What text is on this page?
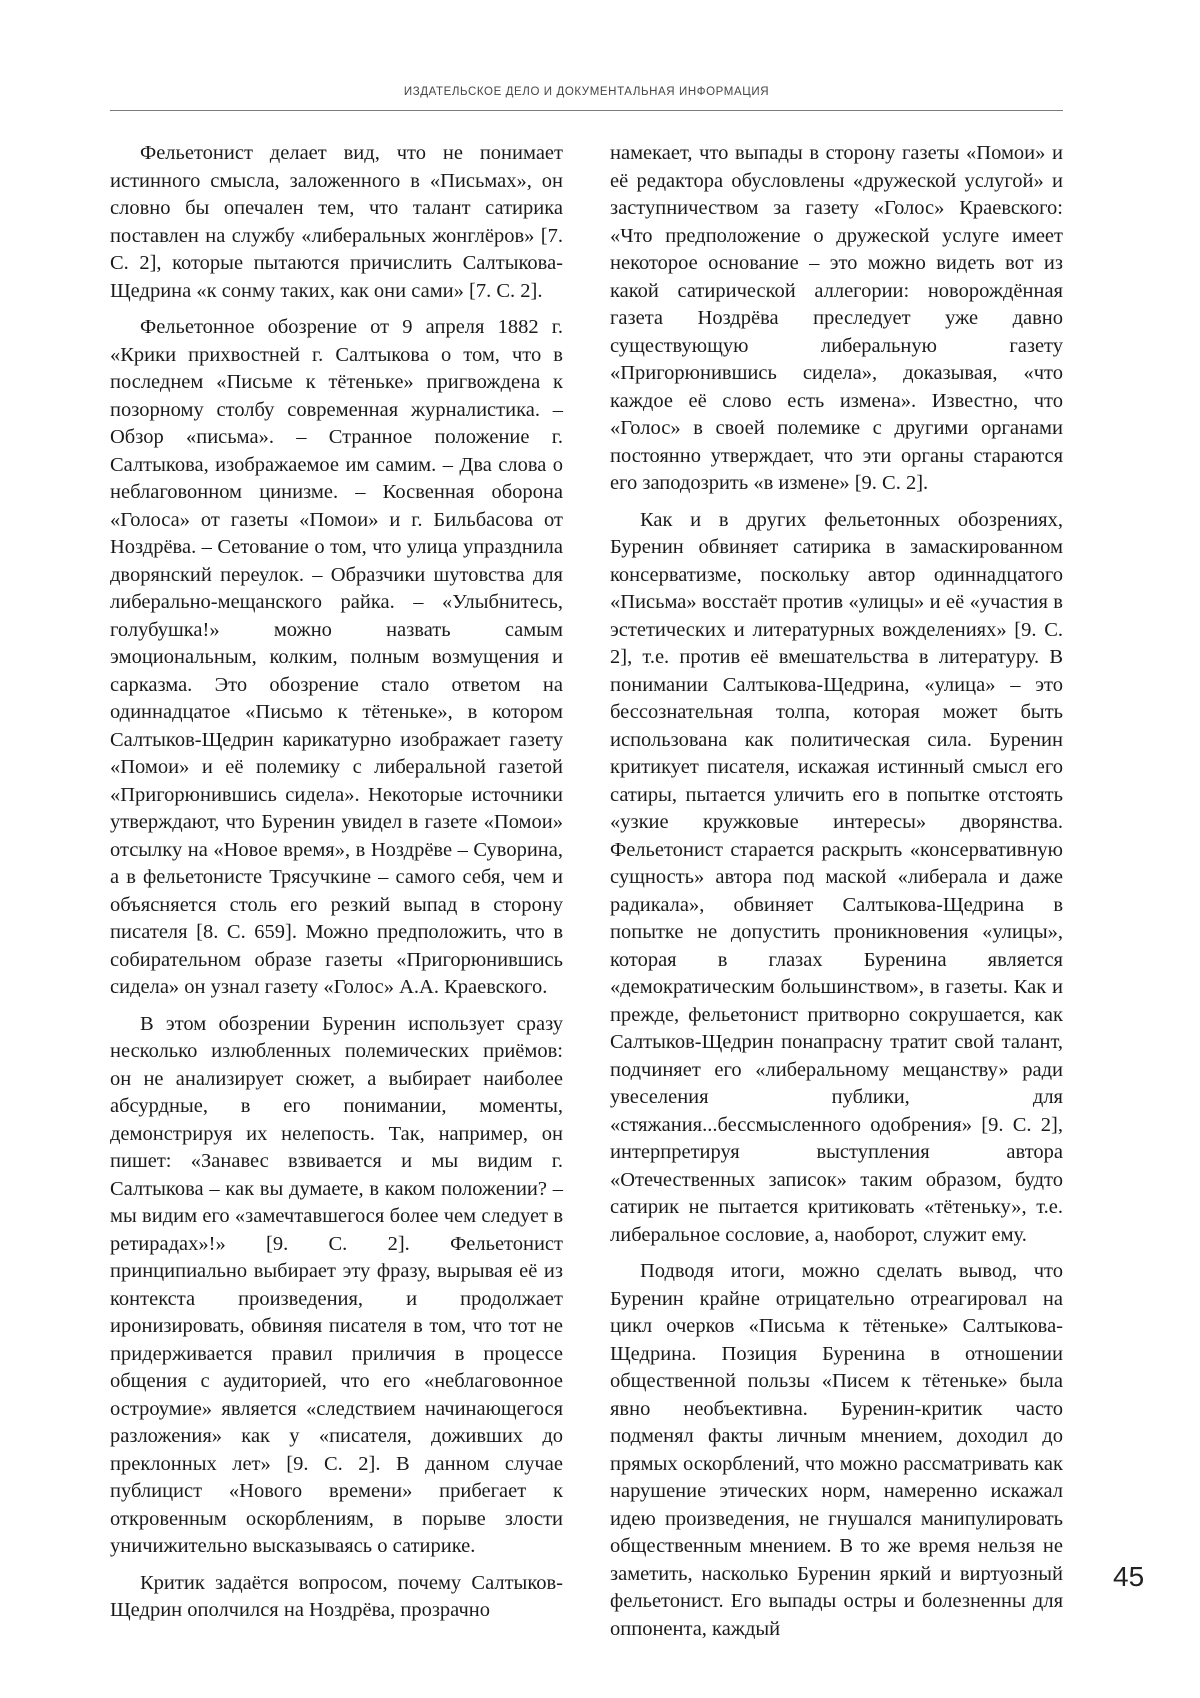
ИЗДАТЕЛЬСКОЕ ДЕЛО И ДОКУМЕНТАЛЬНАЯ ИНФОРМАЦИЯ

Фельетонист делает вид, что не понимает истинного смысла, заложенного в «Письмах», он словно бы опечален тем, что талант сатирика поставлен на службу «либеральных жонглёров» [7. С. 2], которые пытаются причислить Салтыкова-Щедрина «к сонму таких, как они сами» [7. С. 2].

Фельетонное обозрение от 9 апреля 1882 г. «Крики прихвостней г. Салтыкова о том, что в последнем «Письме к тётеньке» пригвождена к позорному столбу современная журналистика. – Обзор «письма». – Странное положение г. Салтыкова, изображаемое им самим. – Два слова о неблаговонном цинизме. – Косвенная оборона «Голоса» от газеты «Помои» и г. Бильбасова от Ноздрёва. – Сетование о том, что улица упразднила дворянский переулок. – Образчики шутовства для либерально-мещанского райка. – «Улыбнитесь, голубушка!» можно назвать самым эмоциональным, колким, полным возмущения и сарказма. Это обозрение стало ответом на одиннадцатое «Письмо к тётеньке», в котором Салтыков-Щедрин карикатурно изображает газету «Помои» и её полемику с либеральной газетой «Пригорюнившись сидела». Некоторые источники утверждают, что Буренин увидел в газете «Помои» отсылку на «Новое время», в Ноздрёве – Суворина, а в фельетонисте Трясучкине – самого себя, чем и объясняется столь его резкий выпад в сторону писателя [8. С. 659]. Можно предположить, что в собирательном образе газеты «Пригорюнившись сидела» он узнал газету «Голос» А.А. Краевского.

В этом обозрении Буренин использует сразу несколько излюбленных полемических приёмов: он не анализирует сюжет, а выбирает наиболее абсурдные, в его понимании, моменты, демонстрируя их нелепость. Так, например, он пишет: «Занавес взвивается и мы видим г. Салтыкова – как вы думаете, в каком положении? – мы видим его «замечтавшегося более чем следует в ретирадах»!» [9. С. 2]. Фельетонист принципиально выбирает эту фразу, вырывая её из контекста произведения, и продолжает иронизировать, обвиняя писателя в том, что тот не придерживается правил приличия в процессе общения с аудиторией, что его «неблаговонное остроумие» является «следствием начинающегося разложения» как у «писателя, доживших до преклонных лет» [9. С. 2]. В данном случае публицист «Нового времени» прибегает к откровенным оскорблениям, в порыве злости уничижительно высказываясь о сатирике.

Критик задаётся вопросом, почему Салтыков-Щедрин ополчился на Ноздрёва, прозрачно

намекает, что выпады в сторону газеты «Помои» и её редактора обусловлены «дружеской услугой» и заступничеством за газету «Голос» Краевского: «Что предположение о дружеской услуге имеет некоторое основание – это можно видеть вот из какой сатирической аллегории: новорождённая газета Ноздрёва преследует уже давно существующую либеральную газету «Пригорюнившись сидела», доказывая, «что каждое её слово есть измена». Известно, что «Голос» в своей полемике с другими органами постоянно утверждает, что эти органы стараются его заподозрить «в измене» [9. С. 2].

Как и в других фельетонных обозрениях, Буренин обвиняет сатирика в замаскированном консерватизме, поскольку автор одиннадцатого «Письма» восстаёт против «улицы» и её «участия в эстетических и литературных вожделениях» [9. С. 2], т.е. против её вмешательства в литературу. В понимании Салтыкова-Щедрина, «улица» – это бессознательная толпа, которая может быть использована как политическая сила. Буренин критикует писателя, искажая истинный смысл его сатиры, пытается уличить его в попытке отстоять «узкие кружковые интересы» дворянства. Фельетонист старается раскрыть «консервативную сущность» автора под маской «либерала и даже радикала», обвиняет Салтыкова-Щедрина в попытке не допустить проникновения «улицы», которая в глазах Буренина является «демократическим большинством», в газеты. Как и прежде, фельетонист притворно сокрушается, как Салтыков-Щедрин понапрасну тратит свой талант, подчиняет его «либеральному мещанству» ради увеселения публики, для «стяжания...бессмысленного одобрения» [9. С. 2], интерпретируя выступления автора «Отечественных записок» таким образом, будто сатирик не пытается критиковать «тётеньку», т.е. либеральное сословие, а, наоборот, служит ему.

Подводя итоги, можно сделать вывод, что Буренин крайне отрицательно отреагировал на цикл очерков «Письма к тётеньке» Салтыкова-Щедрина. Позиция Буренина в отношении общественной пользы «Писем к тётеньке» была явно необъективна. Буренин-критик часто подменял факты личным мнением, доходил до прямых оскорблений, что можно рассматривать как нарушение этических норм, намеренно искажал идею произведения, не гнушался манипулировать общественным мнением. В то же время нельзя не заметить, насколько Буренин яркий и виртуозный фельетонист. Его выпады остры и болезненны для оппонента, каждый

45
